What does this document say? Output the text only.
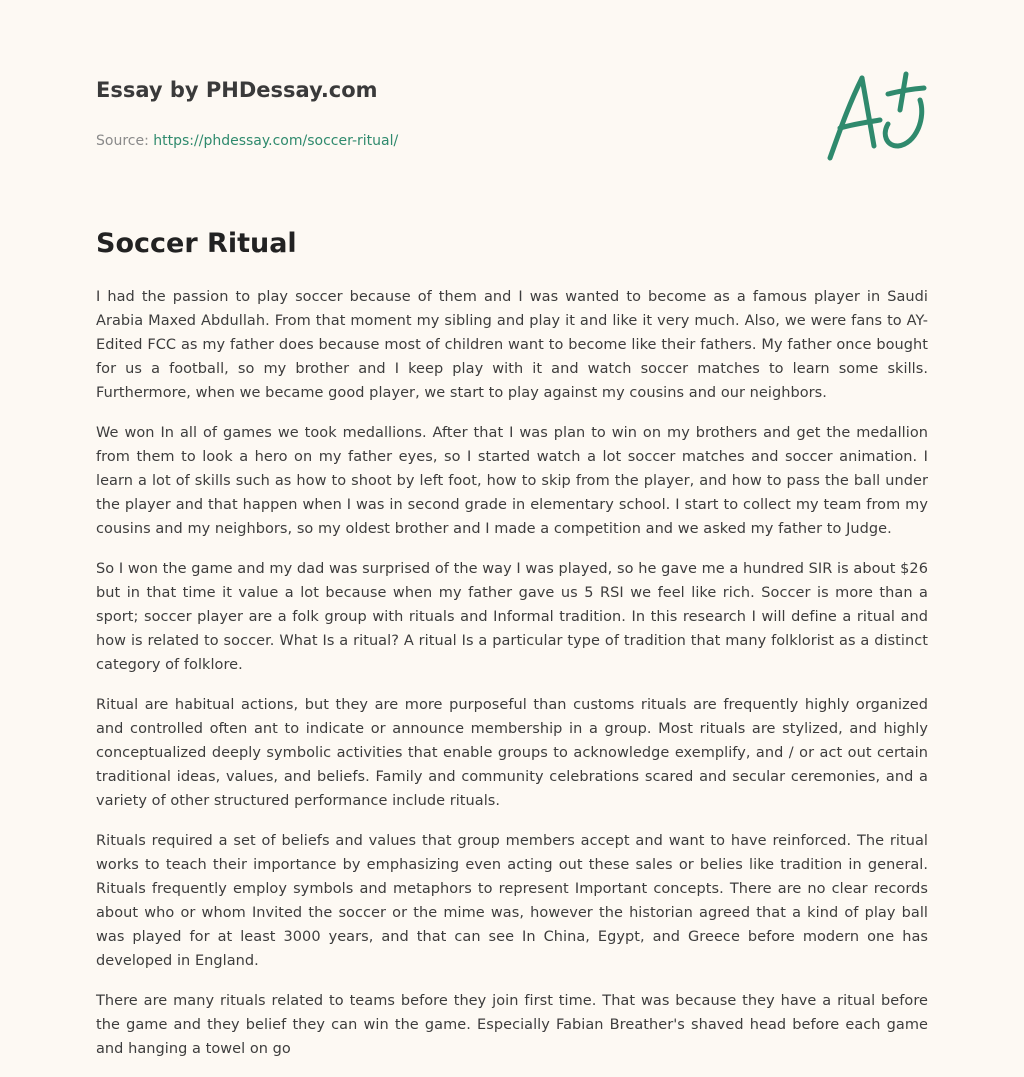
Essay by PHDessay.com
Source: https://phdessay.com/soccer-ritual/
Soccer Ritual

I had the passion to play soccer because of them and I was wanted to become as a famous player in Saudi Arabia Maxed Abdullah. From that moment my sibling and play it and like it very much. Also, we were fans to AY-Edited FCC as my father does because most of children want to become like their fathers. My father once bought for us a football, so my brother and I keep play with it and watch soccer matches to learn some skills. Furthermore, when we became good player, we start to play against my cousins and our neighbors.

We won In all of games we took medallions. After that I was plan to win on my brothers and get the medallion from them to look a hero on my father eyes, so I started watch a lot soccer matches and soccer animation. I learn a lot of skills such as how to shoot by left foot, how to skip from the player, and how to pass the ball under the player and that happen when I was in second grade in elementary school. I start to collect my team from my cousins and my neighbors, so my oldest brother and I made a competition and we asked my father to Judge.

So I won the game and my dad was surprised of the way I was played, so he gave me a hundred SIR is about $26 but in that time it value a lot because when my father gave us 5 RSI we feel like rich. Soccer is more than a sport; soccer player are a folk group with rituals and Informal tradition. In this research I will define a ritual and how is related to soccer. What Is a ritual? A ritual Is a particular type of tradition that many folklorist as a distinct category of folklore.

Ritual are habitual actions, but they are more purposeful than customs rituals are frequently highly organized and controlled often ant to indicate or announce membership in a group. Most rituals are stylized, and highly conceptualized deeply symbolic activities that enable groups to acknowledge exemplify, and / or act out certain traditional ideas, values, and beliefs. Family and community celebrations scared and secular ceremonies, and a variety of other structured performance include rituals.

Rituals required a set of beliefs and values that group members accept and want to have reinforced. The ritual works to teach their importance by emphasizing even acting out these sales or belies like tradition in general. Rituals frequently employ symbols and metaphors to represent Important concepts. There are no clear records about who or whom Invited the soccer or the mime was, however the historian agreed that a kind of play ball was played for at least 3000 years, and that can see In China, Egypt, and Greece before modern one has developed in England.

There are many rituals related to teams before they join first time. That was because they have a ritual before the game and they belief they can win the game. Especially Fabian Breather's shaved head before each game and hanging a towel on go
